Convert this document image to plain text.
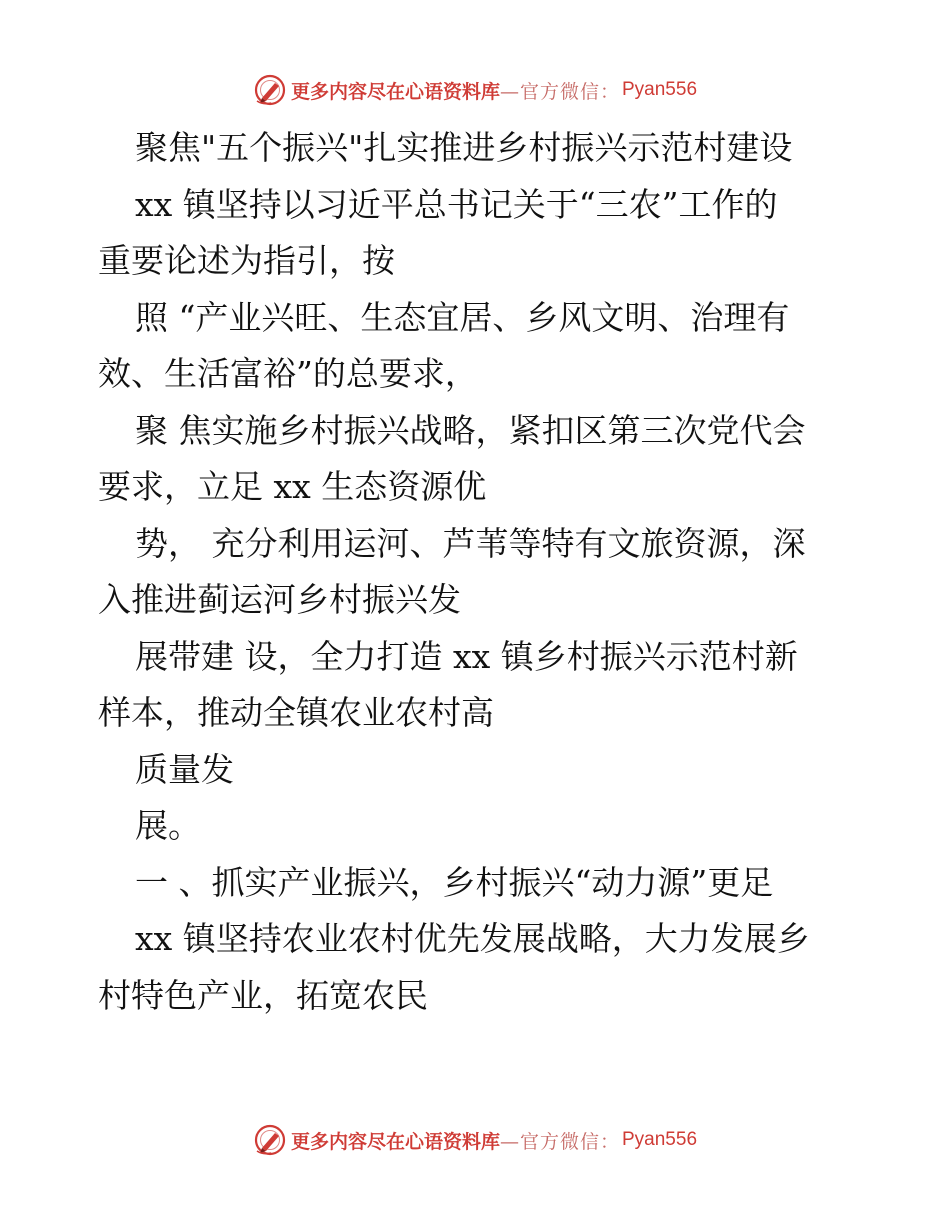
更多内容尽在心语资料库 —官方微信： Pyan556

聚焦"五个振兴"扎实推进乡村振兴示范村建设

xx 镇坚持以习近平总书记关于“三农”工作的

重要论述为指引，按

照 “产业兴旺、生态宜居、乡风文明、治理有

效、生活富裕”的总要求，

聚 焦实施乡村振兴战略，紧扣区第三次党代会

要求，立足 xx 生态资源优

势， 充分利用运河、芦苇等特有文旅资源，深

入推进蓟运河乡村振兴发

展带建 设，全力打造 xx 镇乡村振兴示范村新

样本，推动全镇农业农村高

质量发

展。

一 、抓实产业振兴，乡村振兴“动力源”更足

xx 镇坚持农业农村优先发展战略，大力发展乡

村特色产业，拓宽农民

更多内容尽在心语资料库 —官方微信： Pyan556
